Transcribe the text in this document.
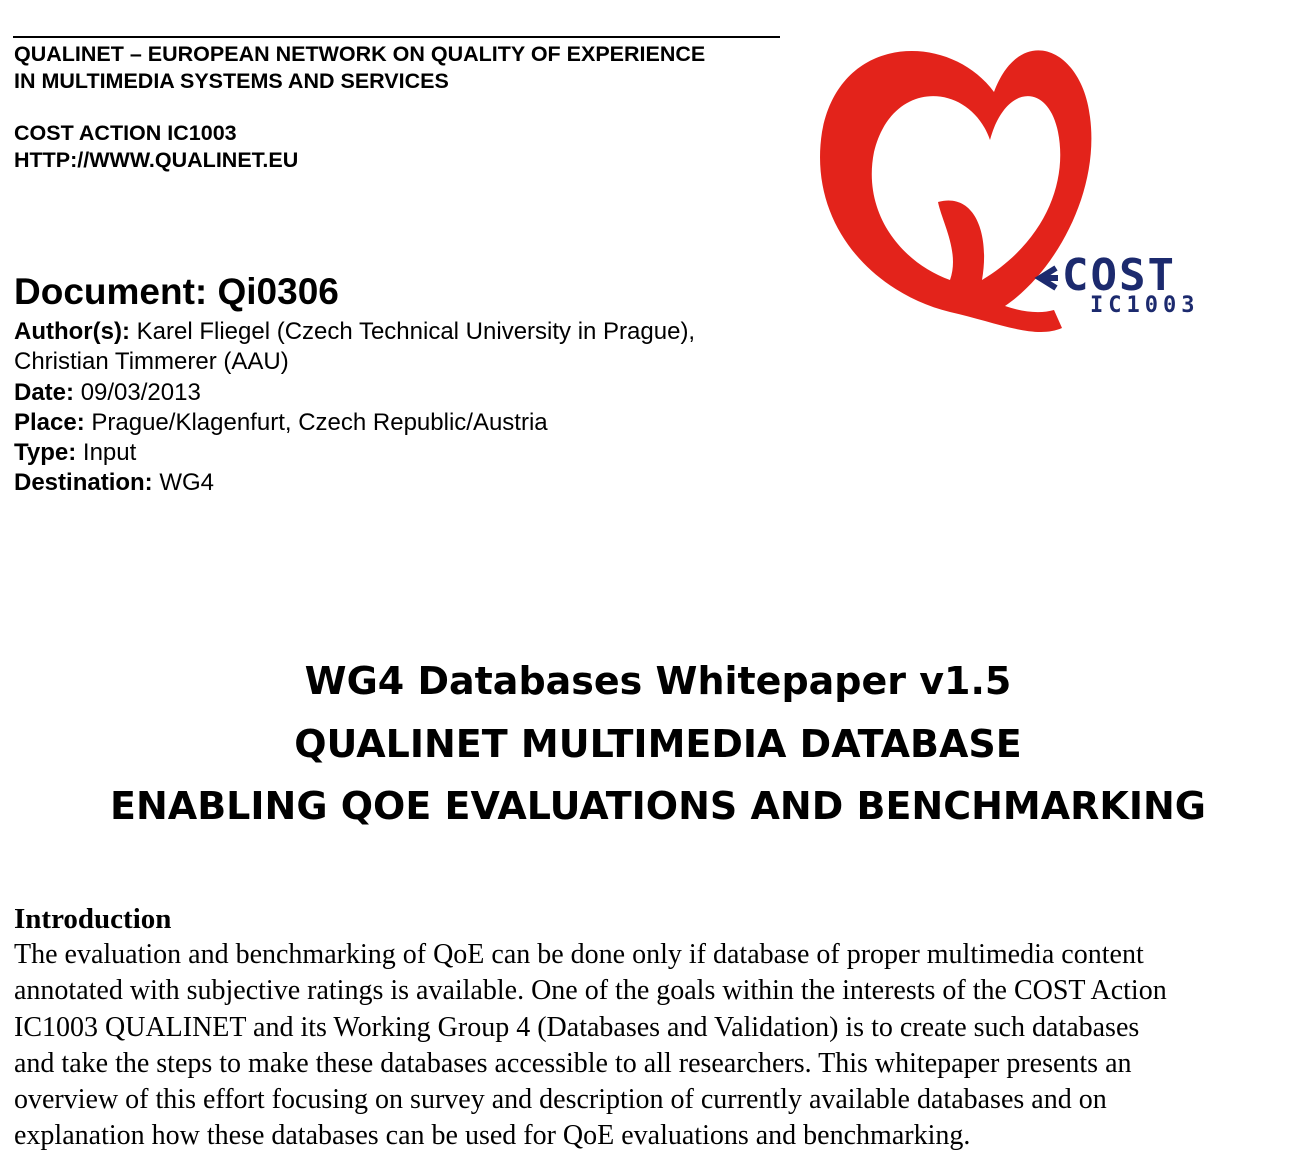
QUALINET – EUROPEAN NETWORK ON QUALITY OF EXPERIENCE
IN MULTIMEDIA SYSTEMS AND SERVICES
COST ACTION IC1003
HTTP://WWW.QUALINET.EU
COST
IC1003
Document: Qi0306
Author(s): Karel Fliegel (Czech Technical University in Prague),
Christian Timmerer (AAU)
Date: 09/03/2013
Place: Prague/Klagenfurt, Czech Republic/Austria
Type: Input
Destination: WG4
WG4 Databases Whitepaper v1.5
QUALINET MULTIMEDIA DATABASE
ENABLING QOE EVALUATIONS AND BENCHMARKING
Introduction
The evaluation and benchmarking of QoE can be done only if database of proper multimedia content
annotated with subjective ratings is available. One of the goals within the interests of the COST Action
IC1003 QUALINET and its Working Group 4 (Databases and Validation) is to create such databases
and take the steps to make these databases accessible to all researchers. This whitepaper presents an
overview of this effort focusing on survey and description of currently available databases and on
explanation how these databases can be used for QoE evaluations and benchmarking.
